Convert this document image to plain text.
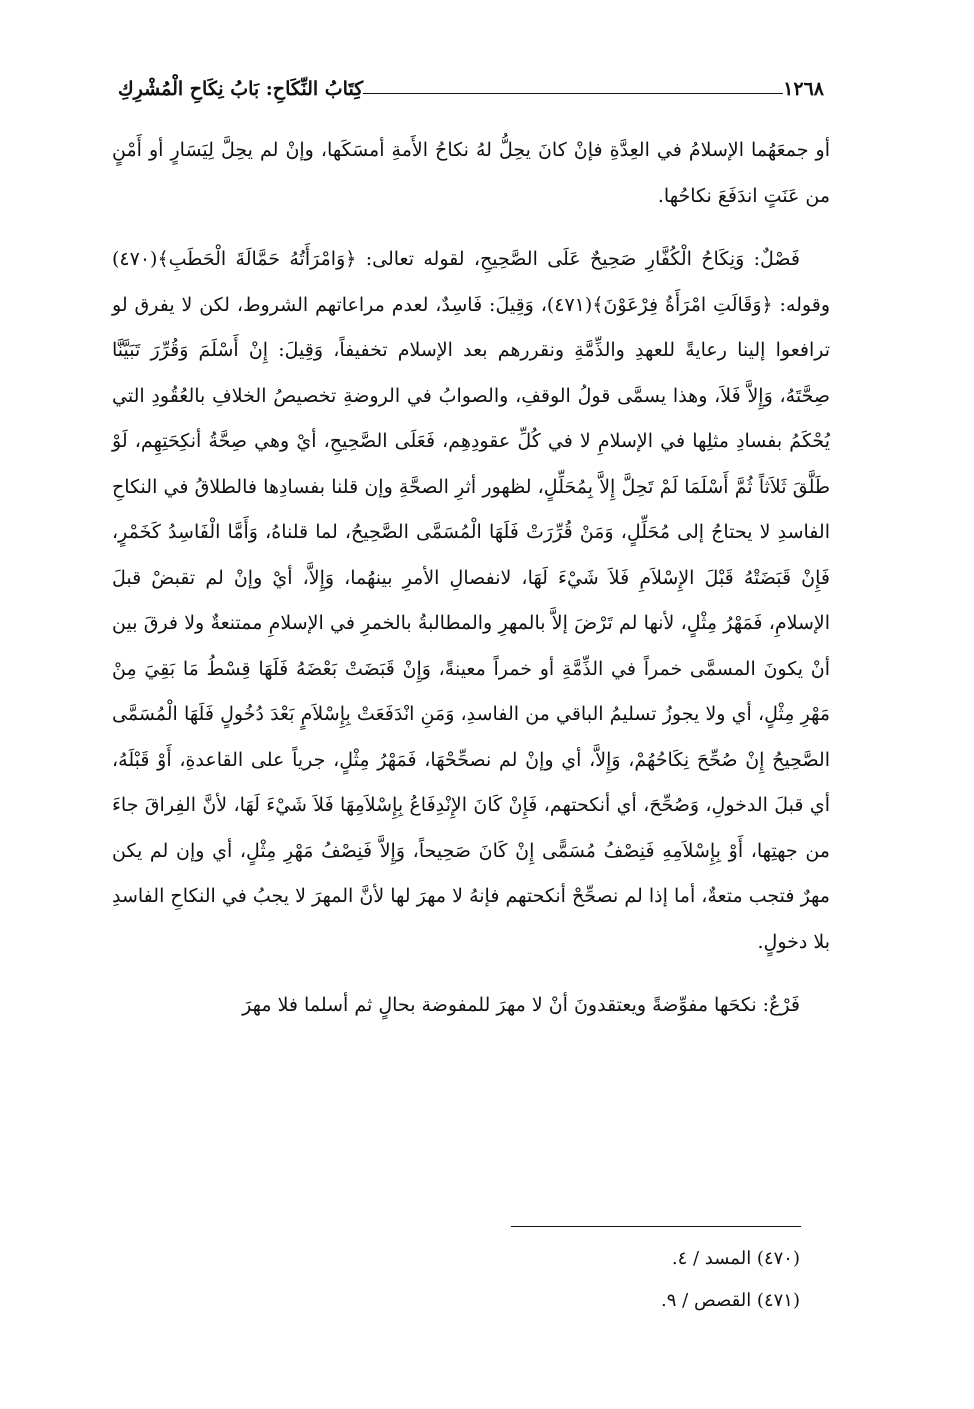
١٢٦٨
كِتَابُ النِّكَاحِ: بَابُ نِكَاحِ الْمُشْرِكِ

أو جمعَهُما الإسلامُ في العِدَّةِ فإنْ كانَ يحِلُّ لهُ نكاحُ الأَمةِ أمسَكَها، وإنْ لم يحِلَّ لِيَسَارٍ أو أَمْنٍ من عَنَتٍ اندَفَعَ نكاحُها.

فَصْلٌ: وَنِكَاحُ الْكُفَّارِ صَحِيحٌ عَلَى الصَّحِيحِ، لقوله تعالى: ﴿وَامْرَأَتُهُ حَمَّالَةَ الْحَطَبِ﴾(٤٧٠) وقوله: ﴿وَقَالَتِ امْرَأَةُ فِرْعَوْنَ﴾(٤٧١)، وَقِيلَ: فَاسِدٌ، لعدم مراعاتهم الشروط، لكن لا يفرق لو ترافعوا إلينا رعايةً للعهدِ والذِّمَّةِ ونقررهم بعد الإسلام تخفيفاً، وَقِيلَ: إِنْ أَسْلَمَ وَقُرِّرَ تَبَيَّنَّا صِحَّتَهُ، وَإِلاَّ فَلاَ، وهذا يسمَّى قولُ الوقفِ، والصوابُ في الروضةِ تخصيصُ الخلافِ بالعُقُودِ التي يُحْكَمُ بفسادِ مثلِها في الإسلامِ لا في كُلِّ عقودِهِم، فَعَلَى الصَّحِيحِ، أيْ وهي صِحَّةُ أنكِحَتِهِم، لَوْ طَلَّقَ ثَلاَثاً ثُمَّ أَسْلَمَا لَمْ تَحِلَّ إِلاَّ بِمُحَلِّلٍ، لظهور أثرِ الصحَّةِ وإن قلنا بفسادِها فالطلاقُ في النكاحِ الفاسدِ لا يحتاجُ إلى مُحَلِّلٍ، وَمَنْ قُرِّرَتْ فَلَهَا الْمُسَمَّى الصَّحِيحُ، لما قلناهُ، وَأَمَّا الْفَاسِدُ كَخَمْرٍ، فَإِنْ قَبَضَتْهُ قَبْلَ الإِسْلاَمِ فَلاَ شَيْءَ لَهَا، لانفصالِ الأمرِ بينهُما، وَإِلاَّ، أيْ وإنْ لم تقبضْ قبلَ الإسلامِ، فَمَهْرُ مِثْلٍ، لأنها لم تَرْضَ إلاَّ بالمهرِ والمطالبةُ بالخمرِ في الإسلامِ ممتنعةٌ ولا فرقَ بين أنْ يكونَ المسمَّى خمراً في الذِّمَّةِ أو خمراً معينةً، وَإِنْ قَبَضَتْ بَعْضَهُ فَلَهَا قِسْطُ مَا بَقِيَ مِنْ مَهْرِ مِثْلٍ، أي ولا يجوزُ تسليمُ الباقي من الفاسدِ، وَمَنِ انْدَفَعَتْ بِإِسْلاَمٍ بَعْدَ دُخُولٍ فَلَهَا الْمُسَمَّى الصَّحِيحُ إِنْ صُحِّحَ نِكَاحُهُمْ، وَإِلاَّ، أي وإنْ لم نصحِّحْهَا، فَمَهْرُ مِثْلٍ، جرياً على القاعدةِ، أَوْ قَبْلَهُ، أي قبلَ الدخولِ، وَصُحِّحَ، أي أنكحتهم، فَإِنْ كَانَ الإِنْدِفَاعُ بِإِسْلاَمِهَا فَلاَ شَيْءَ لَهَا، لأنَّ الفِراقَ جاءَ من جهتِها، أَوْ بِإِسْلاَمِهِ فَنِصْفُ مُسَمًّى إِنْ كَانَ صَحِيحاً، وَإِلاَّ فَنِصْفُ مَهْرِ مِثْلٍ، أي وإن لم يكن مهرٌ فتجب متعةٌ، أما إذا لم نصحِّحْ أنكحتهم فإنهُ لا مهرَ لها لأنَّ المهرَ لا يجبُ في النكاحِ الفاسدِ بلا دخولٍ.

فَرْعٌ: نكحَها مفوِّضةً ويعتقدونَ أنْ لا مهرَ للمفوضة بحالٍ ثم أسلما فلا مهرَ

(٤٧٠) المسد / ٤.

(٤٧١) القصص / ٩.
